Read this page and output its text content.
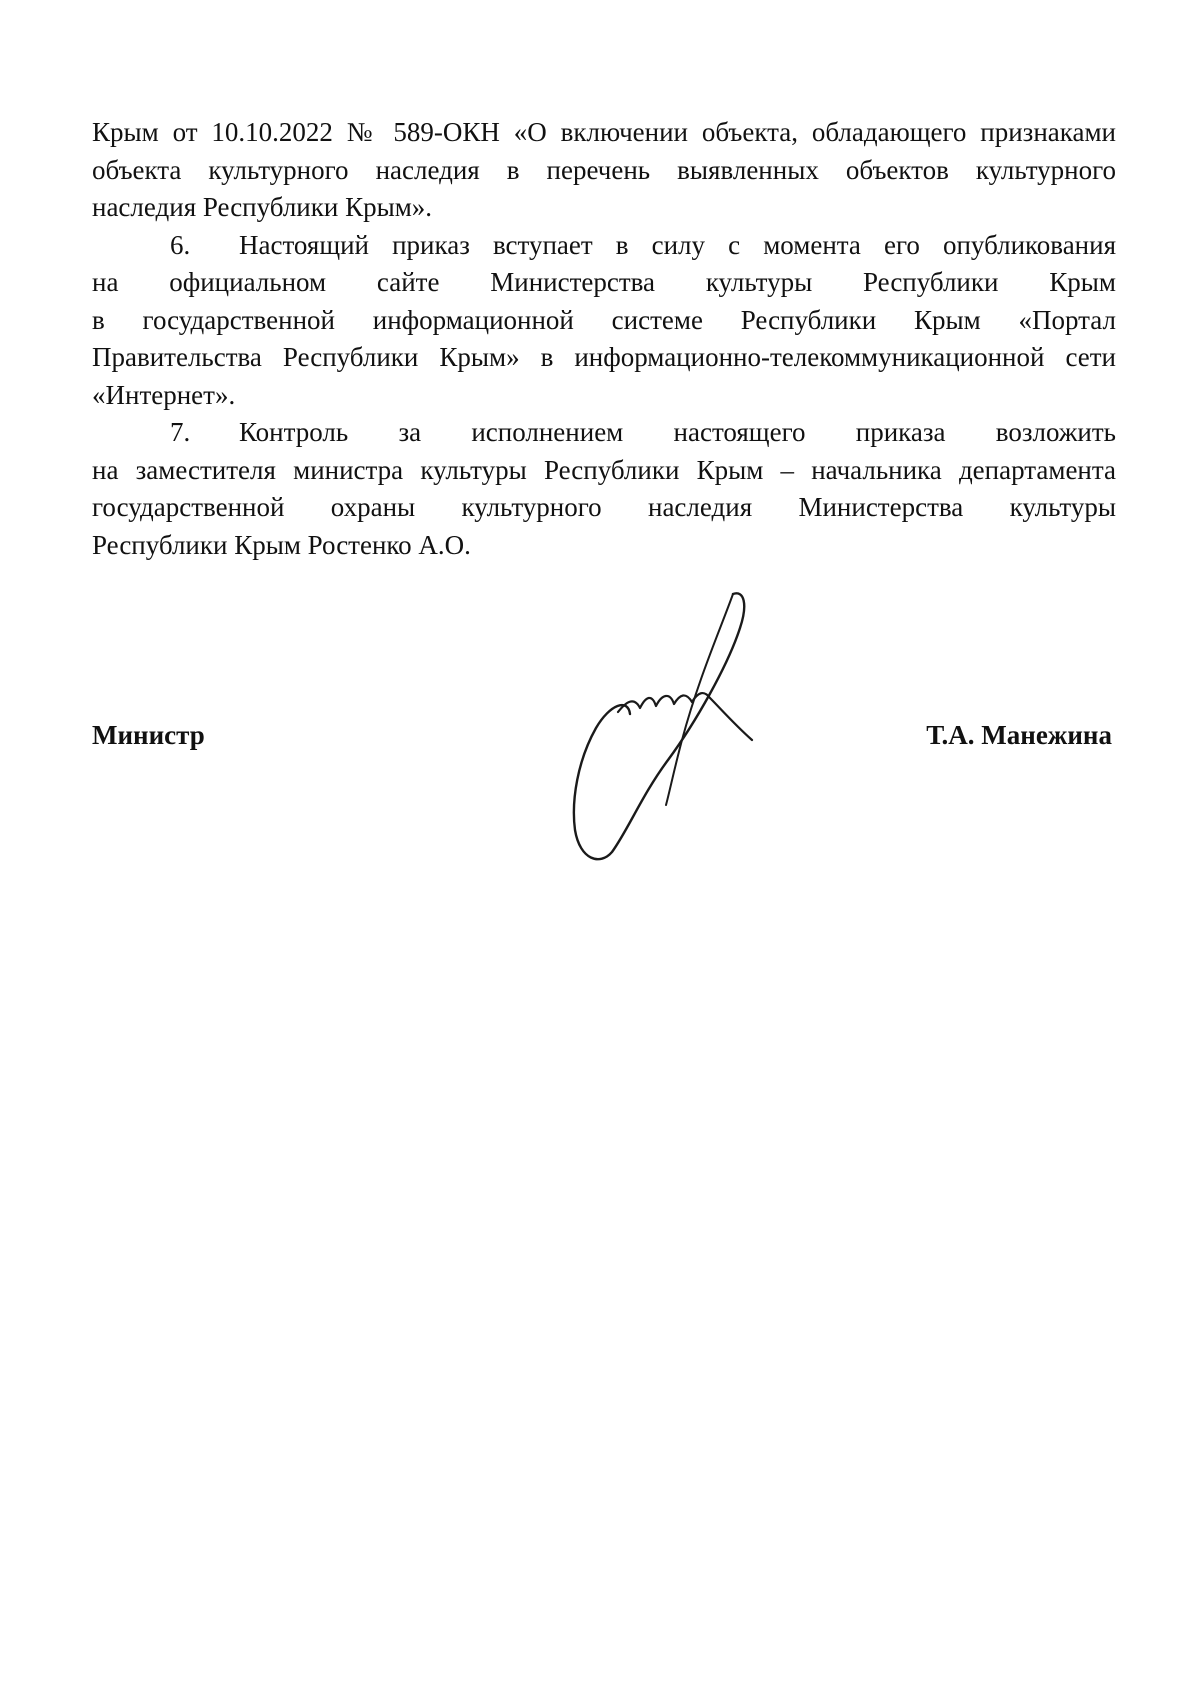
Крым от 10.10.2022 № 589-ОКН «О включении объекта, обладающего признаками
объекта культурного наследия в перечень выявленных объектов культурного
наследия Республики Крым».
6. Настоящий приказ вступает в силу с момента его опубликования
на официальном сайте Министерства культуры Республики Крым
в государственной информационной системе Республики Крым «Портал
Правительства Республики Крым» в информационно-телекоммуникационной сети
«Интернет».
7. Контроль за исполнением настоящего приказа возложить
на заместителя министра культуры Республики Крым – начальника департамента
государственной охраны культурного наследия Министерства культуры
Республики Крым Ростенко А.О.
Министр	Т.А. Манежина
